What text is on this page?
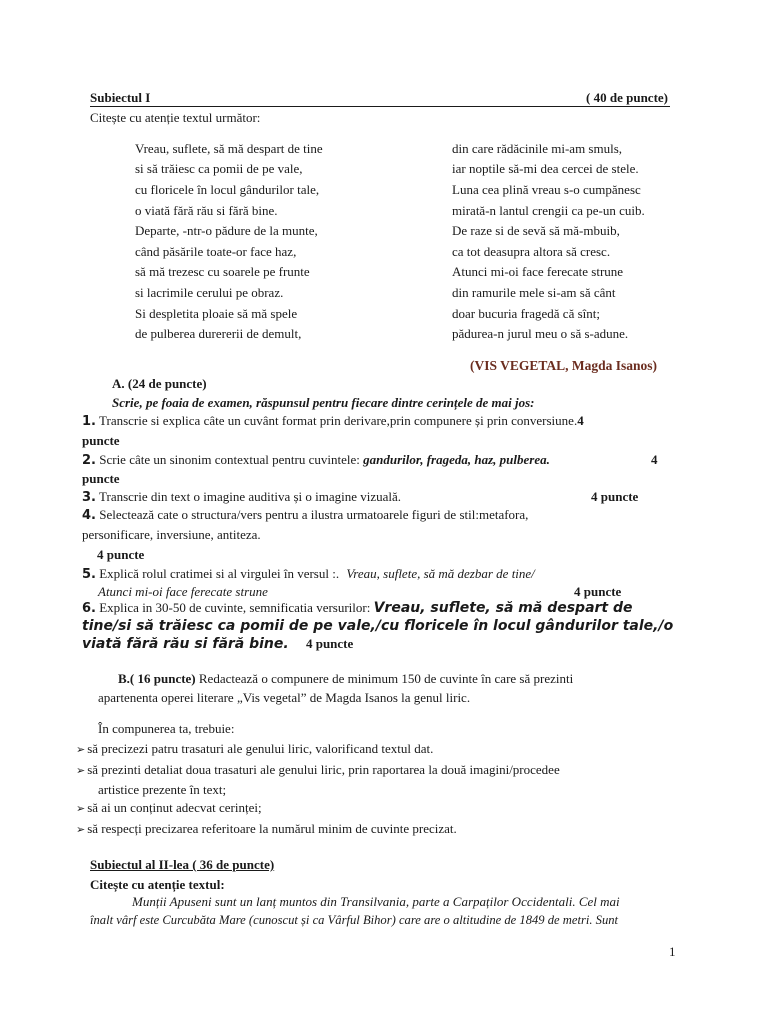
Subiectul I	( 40 de puncte)
Citește cu atenție textul următor:
Vreau, suflete, să mă despart de tine
si să trăiesc ca pomii de pe vale,
cu floricele în locul gândurilor tale,
o viată fără rău si fără bine.
Departe, -ntr-o pădure de la munte,
când păsările toate-or face haz,
să mă trezesc cu soarele pe frunte
si lacrimile cerului pe obraz.
Si despletita ploaie să mă spele
de pulberea durererii de demult,
din care rădăcinile mi-am smuls,
iar noptile să-mi dea cercei de stele.
Luna cea plină vreau s-o cumpănesc
mirată-n lantul crengii ca pe-un cuib.
De raze si de sevă să mă-mbuib,
ca tot deasupra altora să cresc.
Atunci mi-oi face ferecate strune
din ramurile mele si-am să cânt
doar bucuria fragedă că sînt;
pădurea-n jurul meu o să s-adune.
(VIS VEGETAL, Magda Isanos)
A. (24 de puncte)
Scrie, pe foaia de examen, răspunsul pentru fiecare dintre cerințele de mai jos:
1. Transcrie si explica câte un cuvânt format prin derivare,prin compunere și prin conversiune.4
puncte
2. Scrie câte un sinonim contextual pentru cuvintele: gandurilor, frageda, haz, pulberea.	4
puncte
3. Transcrie din text o imagine auditiva și o imagine vizuală.	4 puncte
4. Selectează cate o structura/vers pentru a ilustra urmatoarele figuri de stil:metafora,
personificare, inversiune, antiteza.
4 puncte
5. Explică rolul cratimei si al virgulei în versul :. Vreau, suflete, să mă dezbar de tine/
Atunci mi-oi face ferecate strune	4 puncte
6. Explica in 30-50 de cuvinte, semnificatia versurilor: Vreau, suflete, să mă despart de
tine/si să trăiesc ca pomii de pe vale,/cu floricele în locul gândurilor tale,/o
viată fără rău si fără bine. 4 puncte
B.( 16 puncte) Redactează o compunere de minimum 150 de cuvinte în care să prezinti
apartenenta operei literare „Vis vegetal” de Magda Isanos la genul liric.
În compunerea ta, trebuie:
➢ să precizezi patru trasaturi ale genului liric, valorificand textul dat.
➢ să prezinti detaliat doua trasaturi ale genului liric, prin raportarea la două imagini/procedee
artistice prezente în text;
➢ să ai un conținut adecvat cerinței;
➢ să respecți precizarea referitoare la numărul minim de cuvinte precizat.
Subiectul al II-lea ( 36 de puncte)
Citește cu atenție textul:
Munții Apuseni sunt un lanț muntos din Transilvania, parte a Carpaților Occidentali. Cel mai
înalt vârf este Curcubăta Mare (cunoscut și ca Vârful Bihor) care are o altitudine de 1849 de metri. Sunt
1
